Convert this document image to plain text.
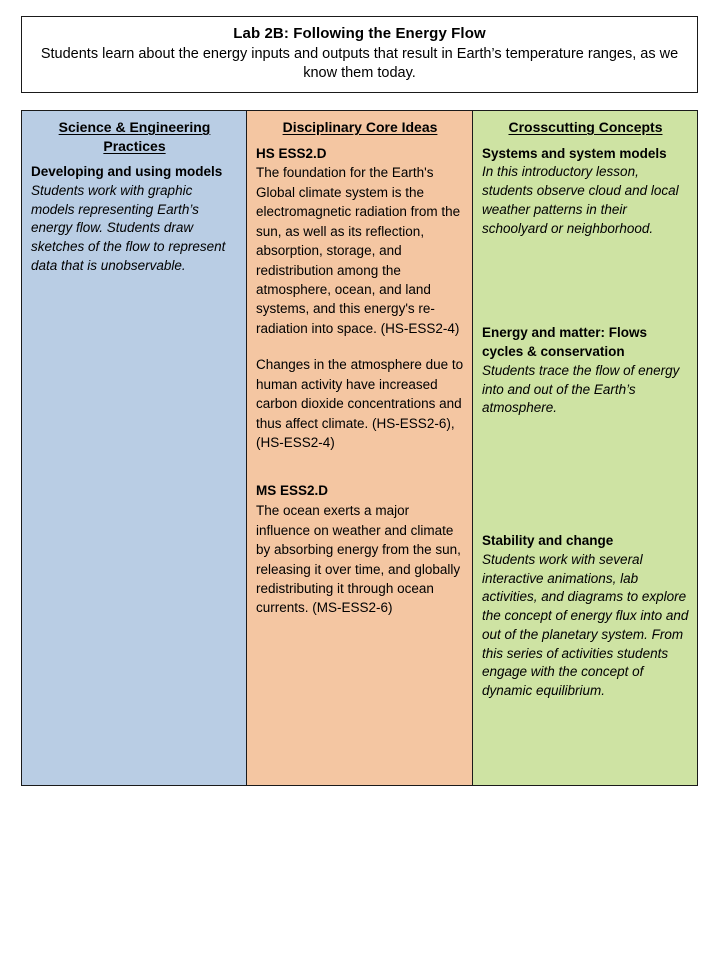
Lab 2B: Following the Energy Flow
Students learn about the energy inputs and outputs that result in Earth’s temperature ranges, as we know them today.
Science & Engineering Practices
Developing and using models
Students work with graphic models representing Earth’s energy flow. Students draw sketches of the flow to represent data that is unobservable.
Disciplinary Core Ideas
HS ESS2.D
The foundation for the Earth's Global climate system is the electromagnetic radiation from the sun, as well as its reflection, absorption, storage, and redistribution among the atmosphere, ocean, and land systems, and this energy's re-radiation into space. (HS-ESS2-4)
Changes in the atmosphere due to human activity have increased carbon dioxide concentrations and thus affect climate. (HS-ESS2-6),(HS-ESS2-4)
MS ESS2.D
The ocean exerts a major influence on weather and climate by absorbing energy from the sun, releasing it over time, and globally redistributing it through ocean currents. (MS-ESS2-6)
Crosscutting Concepts
Systems and system models
In this introductory lesson, students observe cloud and local weather patterns in their schoolyard or neighborhood.
Energy and matter: Flows cycles & conservation
Students trace the flow of energy into and out of the Earth’s atmosphere.
Stability and change
Students work with several interactive animations, lab activities, and diagrams to explore the concept of energy flux into and out of the planetary system. From this series of activities students engage with the concept of dynamic equilibrium.
